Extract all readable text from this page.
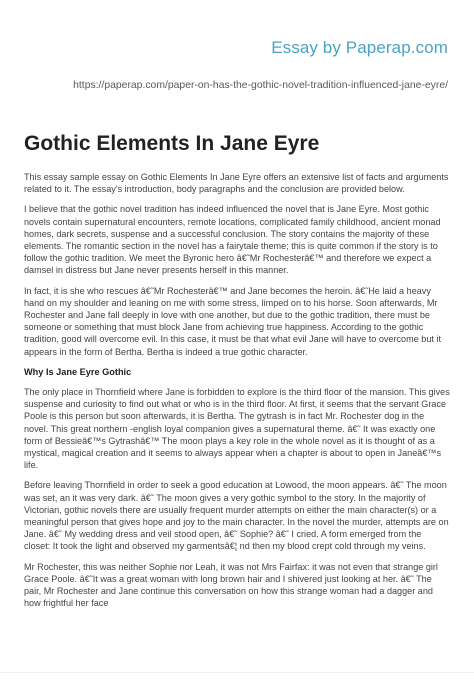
Essay by Paperap.com
https://paperap.com/paper-on-has-the-gothic-novel-tradition-influenced-jane-eyre/
Gothic Elements In Jane Eyre

This essay sample essay on Gothic Elements In Jane Eyre offers an extensive list of facts and arguments related to it. The essay's introduction, body paragraphs and the conclusion are provided below.

I believe that the gothic novel tradition has indeed influenced the novel that is Jane Eyre. Most gothic novels contain supernatural encounters, remote locations, complicated family childhood, ancient monad homes, dark secrets, suspense and a successful conclusion. The story contains the majority of these elements. The romantic section in the novel has a fairytale theme; this is quite common if the story is to follow the gothic tradition. We meet the Byronic hero â€˜Mr Rochesterâ€™ and therefore we expect a damsel in distress but Jane never presents herself in this manner.

In fact, it is she who rescues â€˜Mr Rochesterâ€™ and Jane becomes the heroin. â€˜He laid a heavy hand on my shoulder and leaning on me with some stress, limped on to his horse. Soon afterwards, Mr Rochester and Jane fall deeply in love with one another, but due to the gothic tradition, there must be someone or something that must block Jane from achieving true happiness. According to the gothic tradition, good will overcome evil. In this case, it must be that what evil Jane will have to overcome but it appears in the form of Bertha. Bertha is indeed a true gothic character.

Why Is Jane Eyre Gothic

The only place in Thornfield where Jane is forbidden to explore is the third floor of the mansion. This gives suspense and curiosity to find out what or who is in the third floor. At first, it seems that the servant Grace Poole is this person but soon afterwards, it is Bertha. The gytrash is in fact Mr. Rochester dog in the novel. This great northern -english loyal companion gives a supernatural theme. â€˜ It was exactly one form of Bessieâ€™s Gytrashâ€™ The moon plays a key role in the whole novel as it is thought of as a mystical, magical creation and it seems to always appear when a chapter is about to open in Janeâ€™s life.

Before leaving Thornfield in order to seek a good education at Lowood, the moon appears. â€˜ The moon was set, an it was very dark. â€˜ The moon gives a very gothic symbol to the story. In the majority of Victorian, gothic novels there are usually frequent murder attempts on either the main character(s) or a meaningful person that gives hope and joy to the main character. In the novel the murder, attempts are on Jane. â€˜ My wedding dress and veil stood open, â€˜ Sophie? â€˜ I cried. A form emerged from the closet: It took the light and observed my garmentsâ€¦ nd then my blood crept cold through my veins.

Mr Rochester, this was neither Sophie nor Leah, it was not Mrs Fairfax: it was not even that strange girl Grace Poole. â€˜It was a great woman with long brown hair and I shivered just looking at her. â€˜ The pair, Mr Rochester and Jane continue this conversation on how this strange woman had a dagger and how frightful her face
